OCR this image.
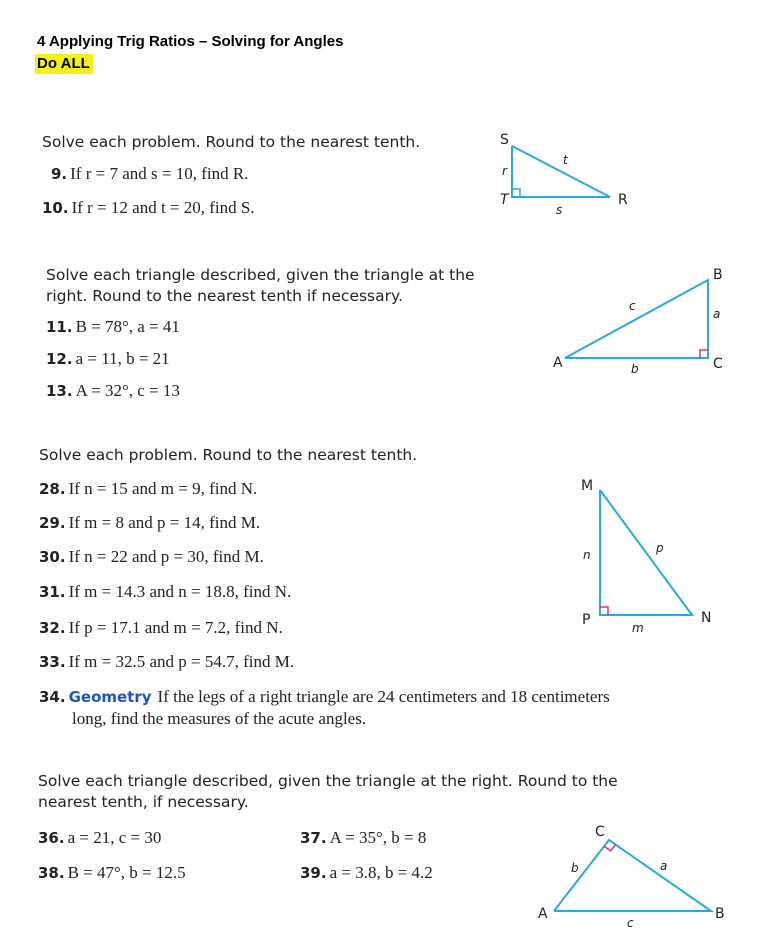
4 Applying Trig Ratios – Solving for Angles
Do ALL
Solve each problem. Round to the nearest tenth.
9. If r = 7 and s = 10, find R.
10. If r = 12 and t = 20, find S.
S
T	R
r
s
t
Solve each triangle described, given the triangle at the
right. Round to the nearest tenth if necessary.
11. B = 78°, a = 41
12. a = 11, b = 21
13. A = 32°, c = 13
A
B
C
a
b
c
Solve each problem. Round to the nearest tenth.
28. If n = 15 and m = 9, find N.
29. If m = 8 and p = 14, find M.
30. If n = 22 and p = 30, find M.
31. If m = 14.3 and n = 18.8, find N.
32. If p = 17.1 and m = 7.2, find N.
33. If m = 32.5 and p = 54.7, find M.
34. Geometry If the legs of a right triangle are 24 centimeters and 18 centimeters
long, find the measures of the acute angles.
M
P	N
n	p
m
Solve each triangle described, given the triangle at the right. Round to the
nearest tenth, if necessary.
36. a = 21, c = 30	37. A = 35°, b = 8
38. B = 47°, b = 12.5	39. a = 3.8, b = 4.2
C
A	B
a
b
c
